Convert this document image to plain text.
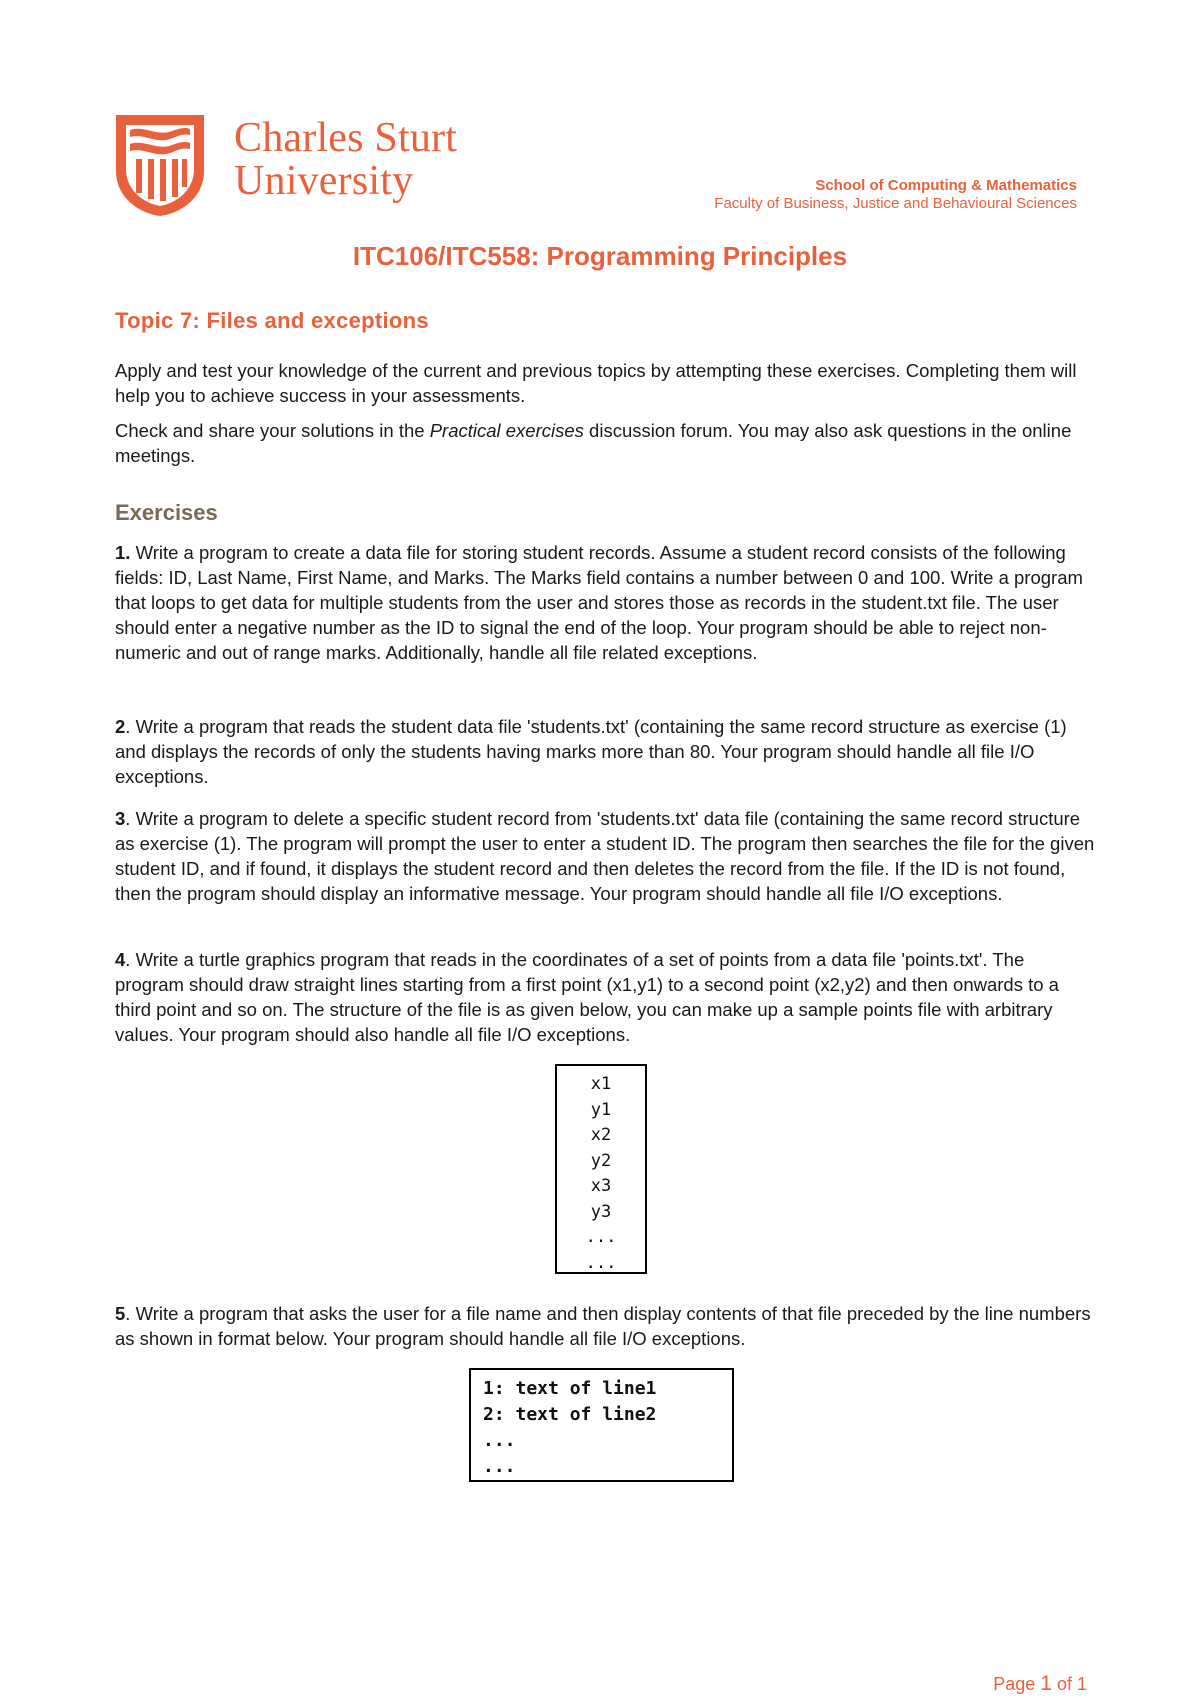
Charles Sturt
University	School of Computing & Mathematics
Faculty of Business, Justice and Behavioural Sciences
ITC106/ITC558: Programming Principles
Topic 7: Files and exceptions
Apply and test your knowledge of the current and previous topics by attempting these exercises. Completing them will help you to achieve success in your assessments.
Check and share your solutions in the Practical exercises discussion forum. You may also ask questions in the online meetings.
Exercises
1. Write a program to create a data file for storing student records. Assume a student record consists of the following fields: ID, Last Name, First Name, and Marks. The Marks field contains a number between 0 and 100. Write a program that loops to get data for multiple students from the user and stores those as records in the student.txt file. The user should enter a negative number as the ID to signal the end of the loop. Your program should be able to reject non-numeric and out of range marks. Additionally, handle all file related exceptions.
2. Write a program that reads the student data file 'students.txt' (containing the same record structure as exercise (1) and displays the records of only the students having marks more than 80. Your program should handle all file I/O exceptions.
3. Write a program to delete a specific student record from 'students.txt' data file (containing the same record structure as exercise (1). The program will prompt the user to enter a student ID. The program then searches the file for the given student ID, and if found, it displays the student record and then deletes the record from the file. If the ID is not found, then the program should display an informative message. Your program should handle all file I/O exceptions.
4. Write a turtle graphics program that reads in the coordinates of a set of points from a data file 'points.txt'. The program should draw straight lines starting from a first point (x1,y1) to a second point (x2,y2) and then onwards to a third point and so on. The structure of the file is as given below, you can make up a sample points file with arbitrary values. Your program should also handle all file I/O exceptions.
x1
y1
x2
y2
x3
y3
...
...
5. Write a program that asks the user for a file name and then display contents of that file preceded by the line numbers as shown in format below. Your program should handle all file I/O exceptions.
1: text of line1
2: text of line2
...
...
Page 1 of 1
